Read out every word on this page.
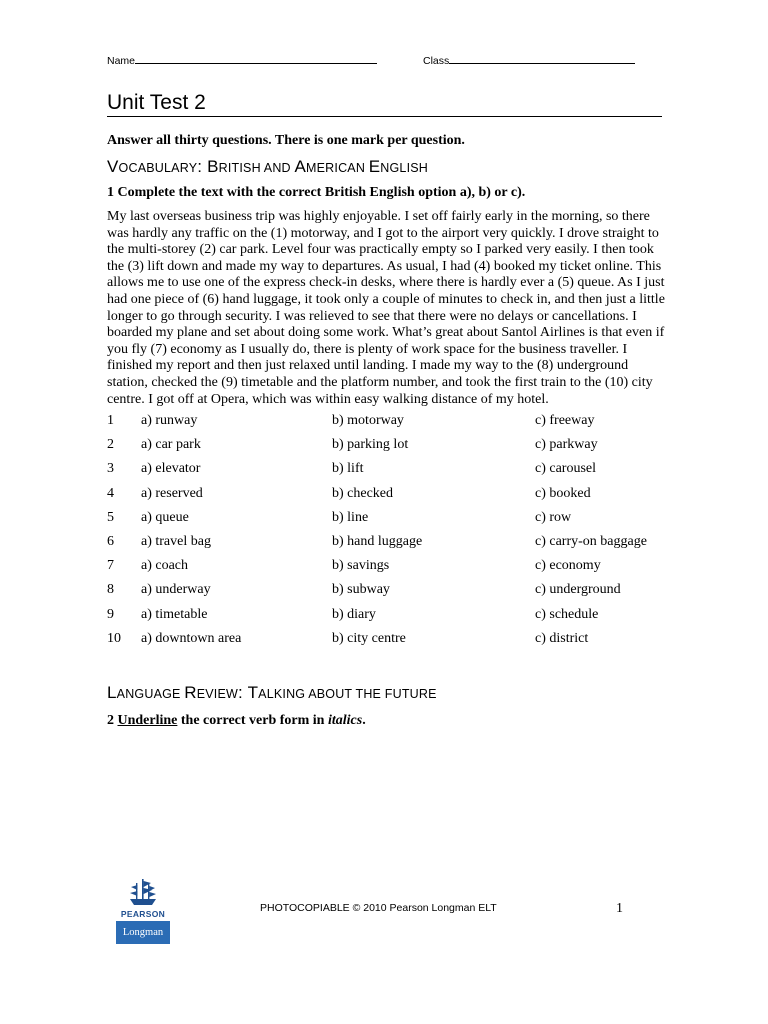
Name	Class
Unit Test 2
Answer all thirty questions. There is one mark per question.
VOCABULARY: BRITISH AND AMERICAN ENGLISH
1 Complete the text with the correct British English option a), b) or c).
My last overseas business trip was highly enjoyable. I set off fairly early in the morning, so there
was hardly any traffic on the (1) motorway, and I got to the airport very quickly. I drove straight to
the multi-storey (2) car park. Level four was practically empty so I parked very easily. I then took
the (3) lift down and made my way to departures. As usual, I had (4) booked my ticket online. This
allows me to use one of the express check-in desks, where there is hardly ever a (5) queue. As I just
had one piece of (6) hand luggage, it took only a couple of minutes to check in, and then just a little
longer to go through security. I was relieved to see that there were no delays or cancellations. I
boarded my plane and set about doing some work. What’s great about Santol Airlines is that even if
you fly (7) economy as I usually do, there is plenty of work space for the business traveller. I
finished my report and then just relaxed until landing. I made my way to the (8) underground
station, checked the (9) timetable and the platform number, and took the first train to the (10) city
centre. I got off at Opera, which was within easy walking distance of my hotel.
1 a) runway	b) motorway	c) freeway
2 a) car park	b) parking lot	c) parkway
3 a) elevator	b) lift	c) carousel
4 a) reserved	b) checked	c) booked
5 a) queue	b) line	c) row
6 a) travel bag	b) hand luggage	c) carry-on baggage
7 a) coach	b) savings	c) economy
8 a) underway	b) subway	c) underground
9 a) timetable	b) diary	c) schedule
10 a) downtown area	b) city centre	c) district
LANGUAGE REVIEW: TALKING ABOUT THE FUTURE
2 Underline the correct verb form in italics.
PEARSON
Longman
PHOTOCOPIABLE © 2010 Pearson Longman ELT	1
